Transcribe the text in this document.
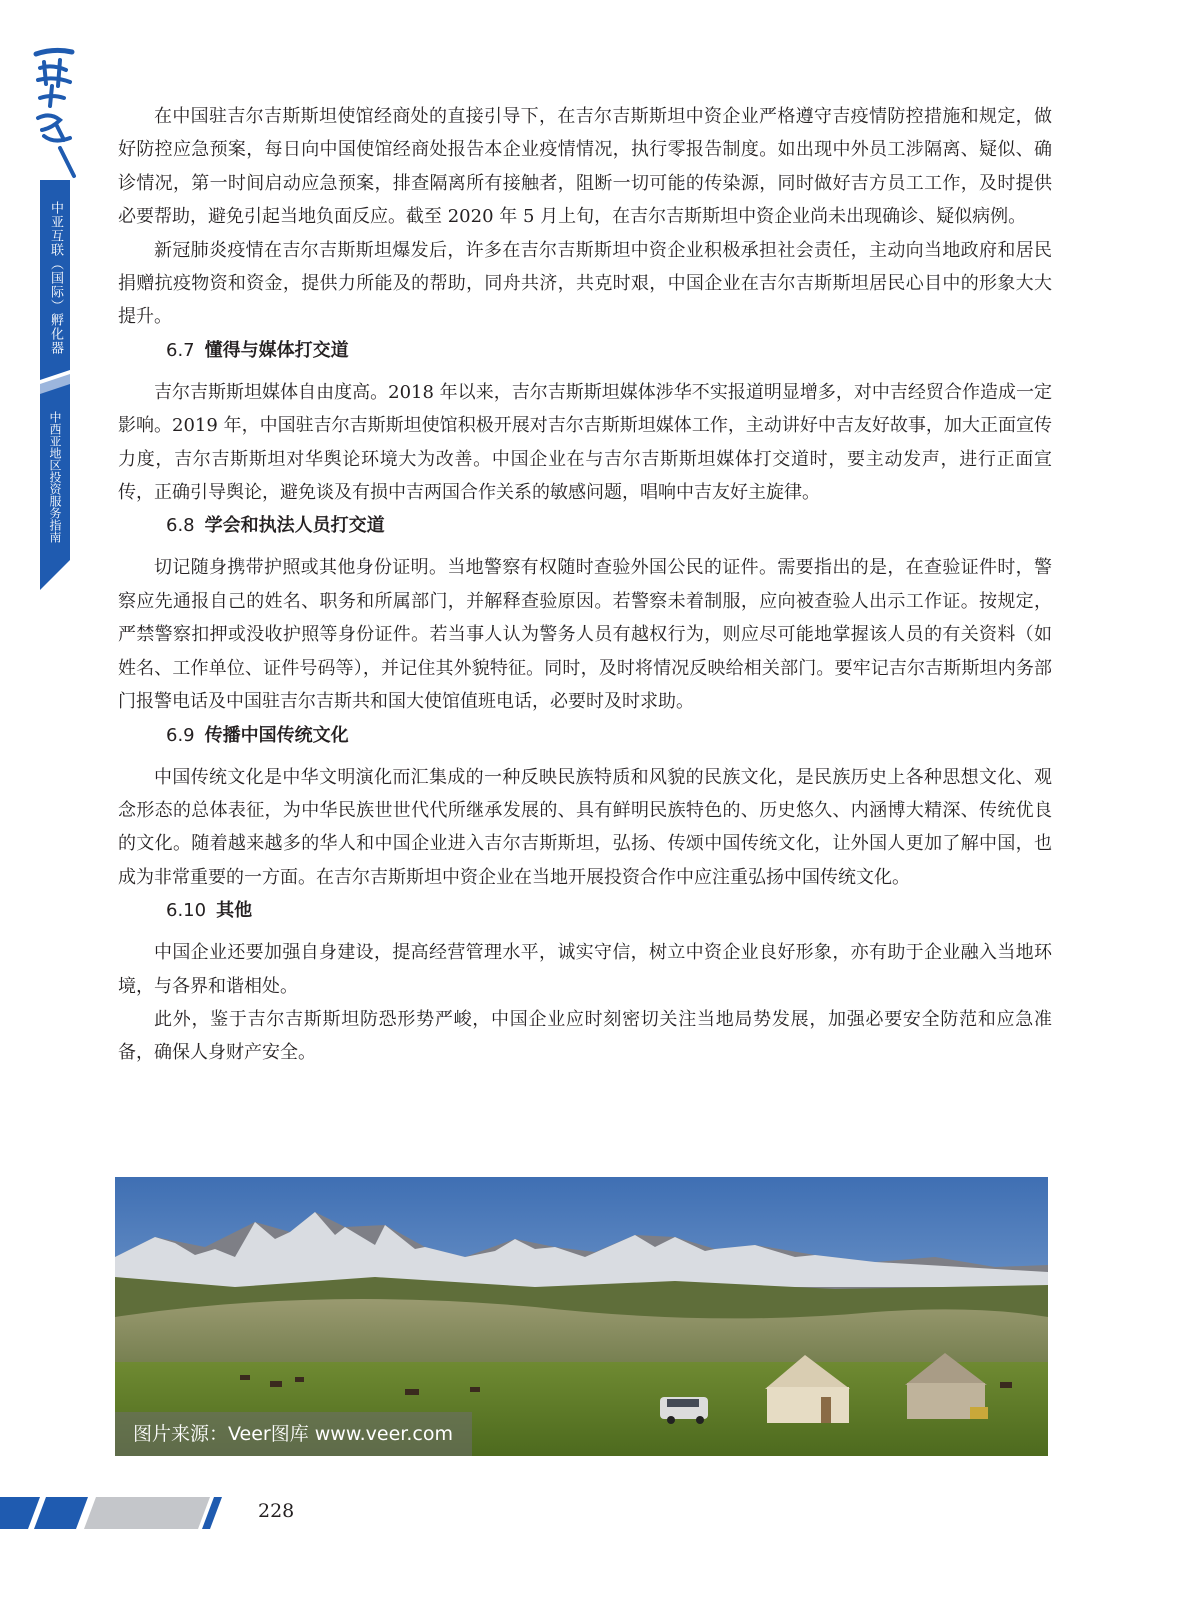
中亚互联（国际）孵化器
中西亚地区投资服务指南

在中国驻吉尔吉斯斯坦使馆经商处的直接引导下，在吉尔吉斯斯坦中资企业严格遵守吉疫情防控措施和规定，做好防控应急预案，每日向中国使馆经商处报告本企业疫情情况，执行零报告制度。如出现中外员工涉隔离、疑似、确诊情况，第一时间启动应急预案，排查隔离所有接触者，阻断一切可能的传染源，同时做好吉方员工工作，及时提供必要帮助，避免引起当地负面反应。截至 2020 年 5 月上旬，在吉尔吉斯斯坦中资企业尚未出现确诊、疑似病例。

新冠肺炎疫情在吉尔吉斯斯坦爆发后，许多在吉尔吉斯斯坦中资企业积极承担社会责任，主动向当地政府和居民捐赠抗疫物资和资金，提供力所能及的帮助，同舟共济，共克时艰，中国企业在吉尔吉斯斯坦居民心目中的形象大大提升。

6.7 懂得与媒体打交道

吉尔吉斯斯坦媒体自由度高。2018 年以来，吉尔吉斯斯坦媒体涉华不实报道明显增多，对中吉经贸合作造成一定影响。2019 年，中国驻吉尔吉斯斯坦使馆积极开展对吉尔吉斯斯坦媒体工作，主动讲好中吉友好故事，加大正面宣传力度，吉尔吉斯斯坦对华舆论环境大为改善。中国企业在与吉尔吉斯斯坦媒体打交道时，要主动发声，进行正面宣传，正确引导舆论，避免谈及有损中吉两国合作关系的敏感问题，唱响中吉友好主旋律。

6.8 学会和执法人员打交道

切记随身携带护照或其他身份证明。当地警察有权随时查验外国公民的证件。需要指出的是，在查验证件时，警察应先通报自己的姓名、职务和所属部门，并解释查验原因。若警察未着制服，应向被查验人出示工作证。按规定，严禁警察扣押或没收护照等身份证件。若当事人认为警务人员有越权行为，则应尽可能地掌握该人员的有关资料（如姓名、工作单位、证件号码等），并记住其外貌特征。同时，及时将情况反映给相关部门。要牢记吉尔吉斯斯坦内务部门报警电话及中国驻吉尔吉斯共和国大使馆值班电话，必要时及时求助。

6.9 传播中国传统文化

中国传统文化是中华文明演化而汇集成的一种反映民族特质和风貌的民族文化，是民族历史上各种思想文化、观念形态的总体表征，为中华民族世世代代所继承发展的、具有鲜明民族特色的、历史悠久、内涵博大精深、传统优良的文化。随着越来越多的华人和中国企业进入吉尔吉斯斯坦，弘扬、传颂中国传统文化，让外国人更加了解中国，也成为非常重要的一方面。在吉尔吉斯斯坦中资企业在当地开展投资合作中应注重弘扬中国传统文化。

6.10 其他

中国企业还要加强自身建设，提高经营管理水平，诚实守信，树立中资企业良好形象，亦有助于企业融入当地环境，与各界和谐相处。

此外，鉴于吉尔吉斯斯坦防恐形势严峻，中国企业应时刻密切关注当地局势发展，加强必要安全防范和应急准备，确保人身财产安全。

图片来源：Veer图库 www.veer.com
228
